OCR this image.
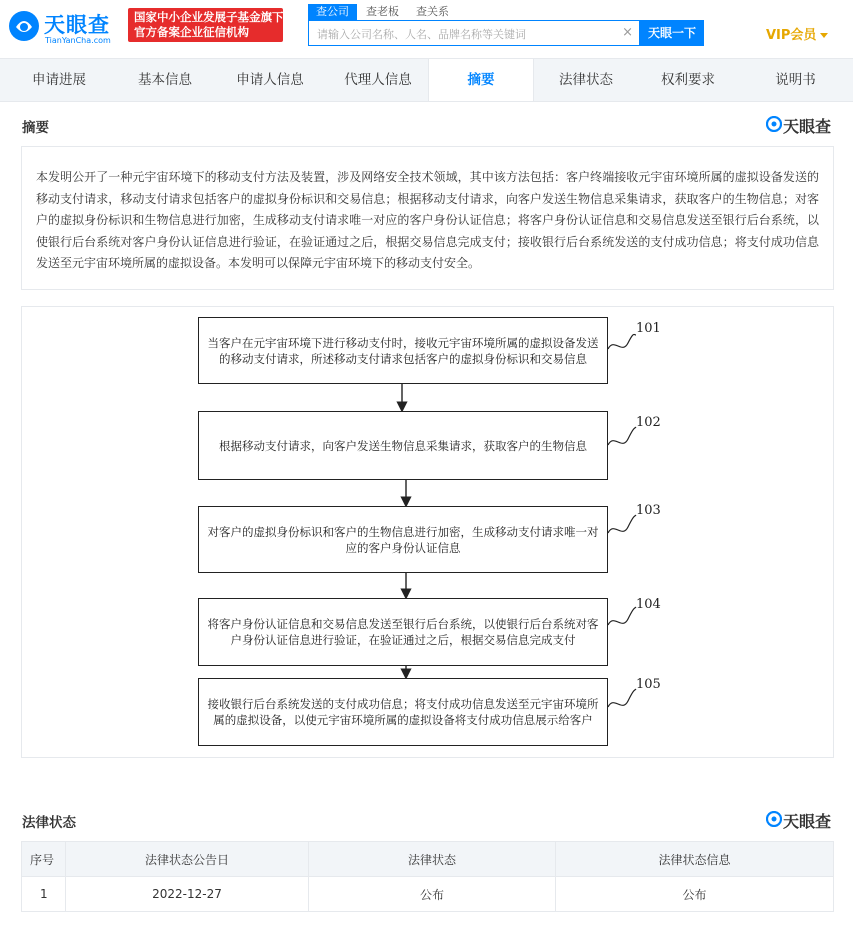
天眼查
TianYanCha.com
国家中小企业发展子基金旗下
官方备案企业征信机构
查公司	查老板 查关系
请输入公司名称、人名、品牌名称等关键词
×	天眼一下	VIP会员
申请进展	基本信息	申请人信息	代理人信息	摘要	法律状态	权利要求	说明书
摘要	天眼查
本发明公开了一种元宇宙环境下的移动支付方法及装置，涉及网络安全技术领域，其中该方法包括：客户终端接收元宇宙环境所属的虚拟设备发送的移动支付请求，移动支付请求包括客户的虚拟身份标识和交易信息；根据移动支付请求，向客户发送生物信息采集请求，获取客户的生物信息；对客户的虚拟身份标识和生物信息进行加密，生成移动支付请求唯一对应的客户身份认证信息；将客户身份认证信息和交易信息发送至银行后台系统，以使银行后台系统对客户身份认证信息进行验证，在验证通过之后，根据交易信息完成支付；接收银行后台系统发送的支付成功信息；将支付成功信息发送至元宇宙环境所属的虚拟设备。本发明可以保障元宇宙环境下的移动支付安全。
当客户在元宇宙环境下进行移动支付时，接收元宇宙环境所属的虚拟设备发送的移动支付请求，所述移动支付请求包括客户的虚拟身份标识和交易信息
101
根据移动支付请求，向客户发送生物信息采集请求，获取客户的生物信息
102
对客户的虚拟身份标识和客户的生物信息进行加密，生成移动支付请求唯一对应的客户身份认证信息
103
将客户身份认证信息和交易信息发送至银行后台系统，以使银行后台系统对客户身份认证信息进行验证，在验证通过之后，根据交易信息完成支付
104
接收银行后台系统发送的支付成功信息；将支付成功信息发送至元宇宙环境所属的虚拟设备，以使元宇宙环境所属的虚拟设备将支付成功信息展示给客户
105
法律状态	天眼查
序号	法律状态公告日	法律状态	法律状态信息
1	2022-12-27	公布	公布
